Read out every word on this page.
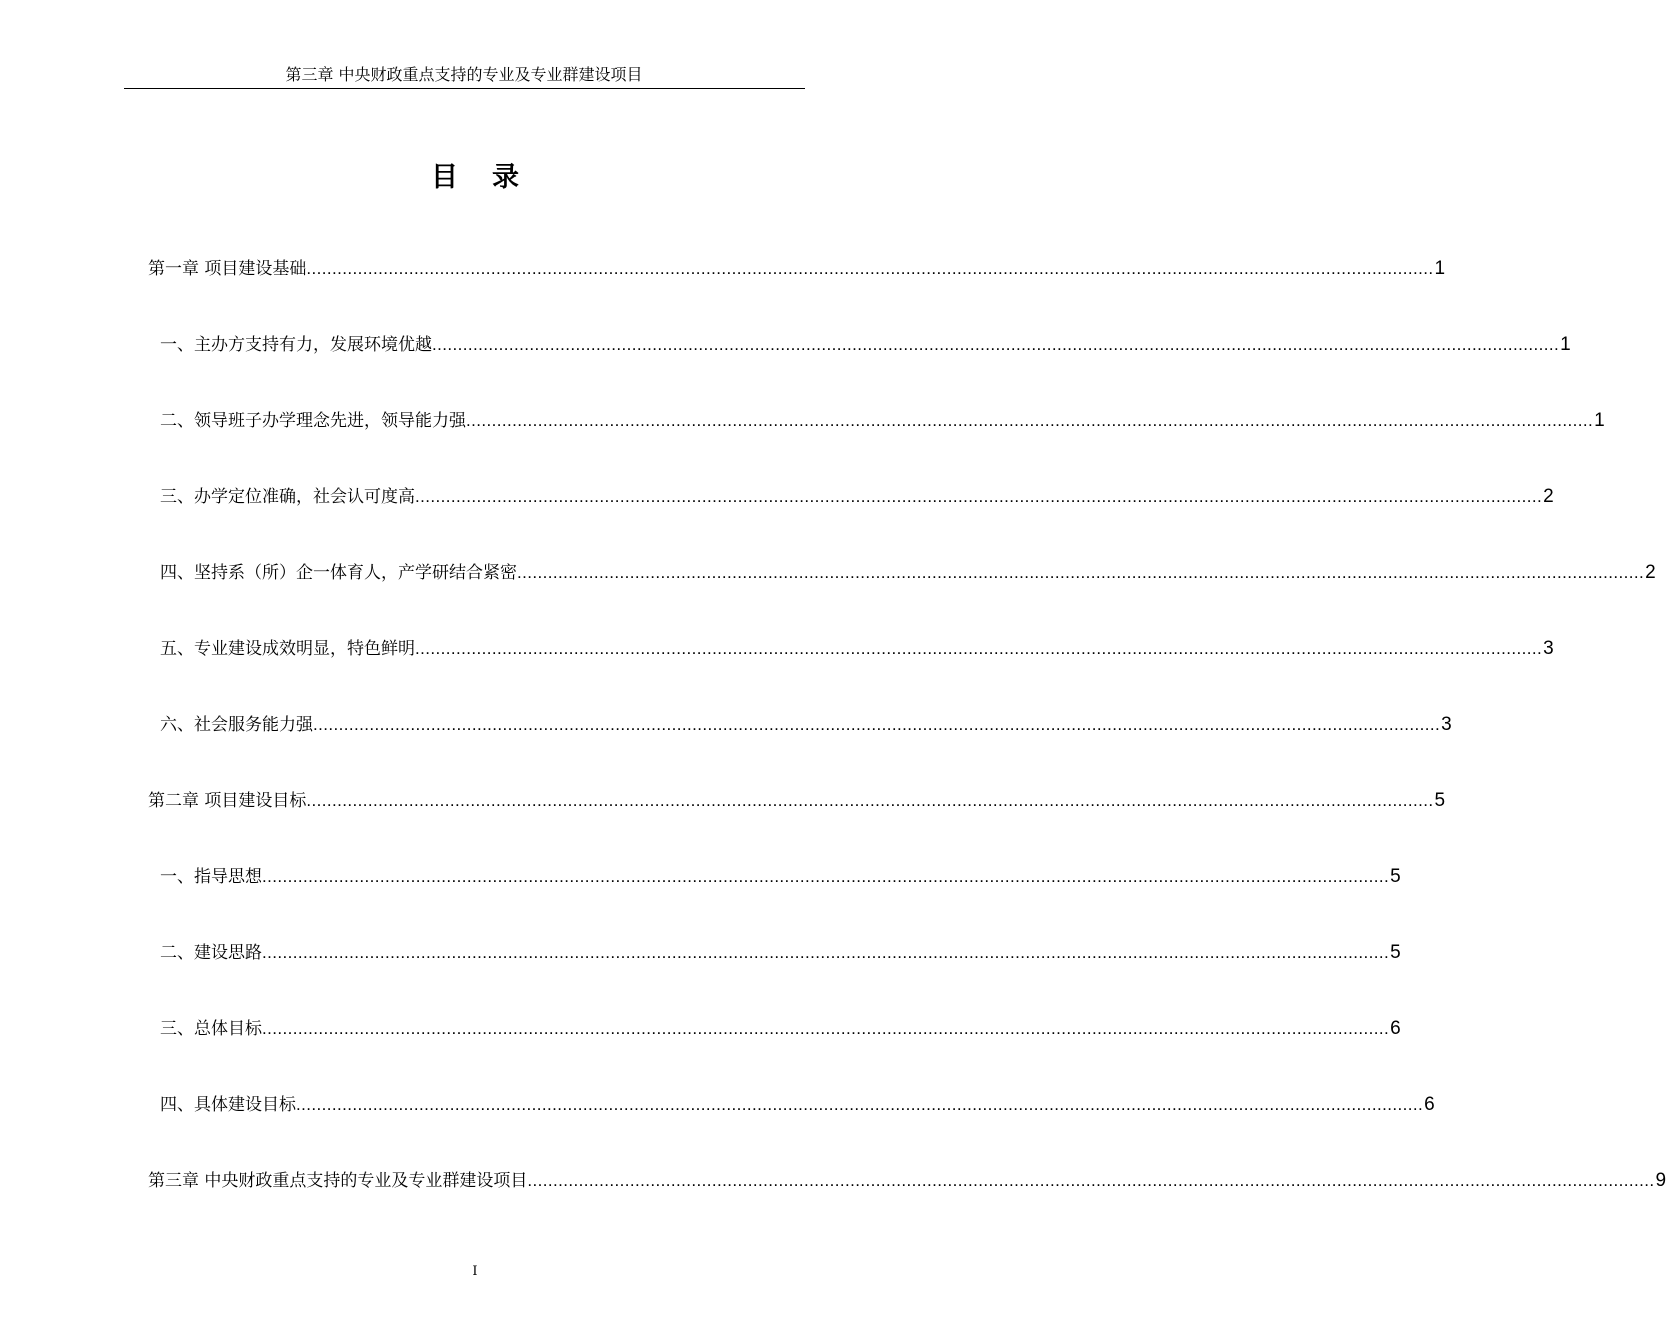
第三章 中央财政重点支持的专业及专业群建设项目
目录
第一章 项目建设基础 ............................................................................................................................................................................................................................ 1
一、主办方支持有力，发展环境优越 ............................................................................................................................................................................................................................ 1
二、领导班子办学理念先进，领导能力强 ............................................................................................................................................................................................................................ 1
三、办学定位准确，社会认可度高 ............................................................................................................................................................................................................................ 2
四、坚持系（所）企一体育人，产学研结合紧密 ............................................................................................................................................................................................................................ 2
五、专业建设成效明显，特色鲜明 ............................................................................................................................................................................................................................ 3
六、社会服务能力强 ............................................................................................................................................................................................................................ 3
第二章 项目建设目标 ............................................................................................................................................................................................................................ 5
一、指导思想 ............................................................................................................................................................................................................................ 5
二、建设思路 ............................................................................................................................................................................................................................ 5
三、总体目标 ............................................................................................................................................................................................................................ 6
四、具体建设目标 ............................................................................................................................................................................................................................ 6
第三章 中央财政重点支持的专业及专业群建设项目 ............................................................................................................................................................................................................................ 9
I
